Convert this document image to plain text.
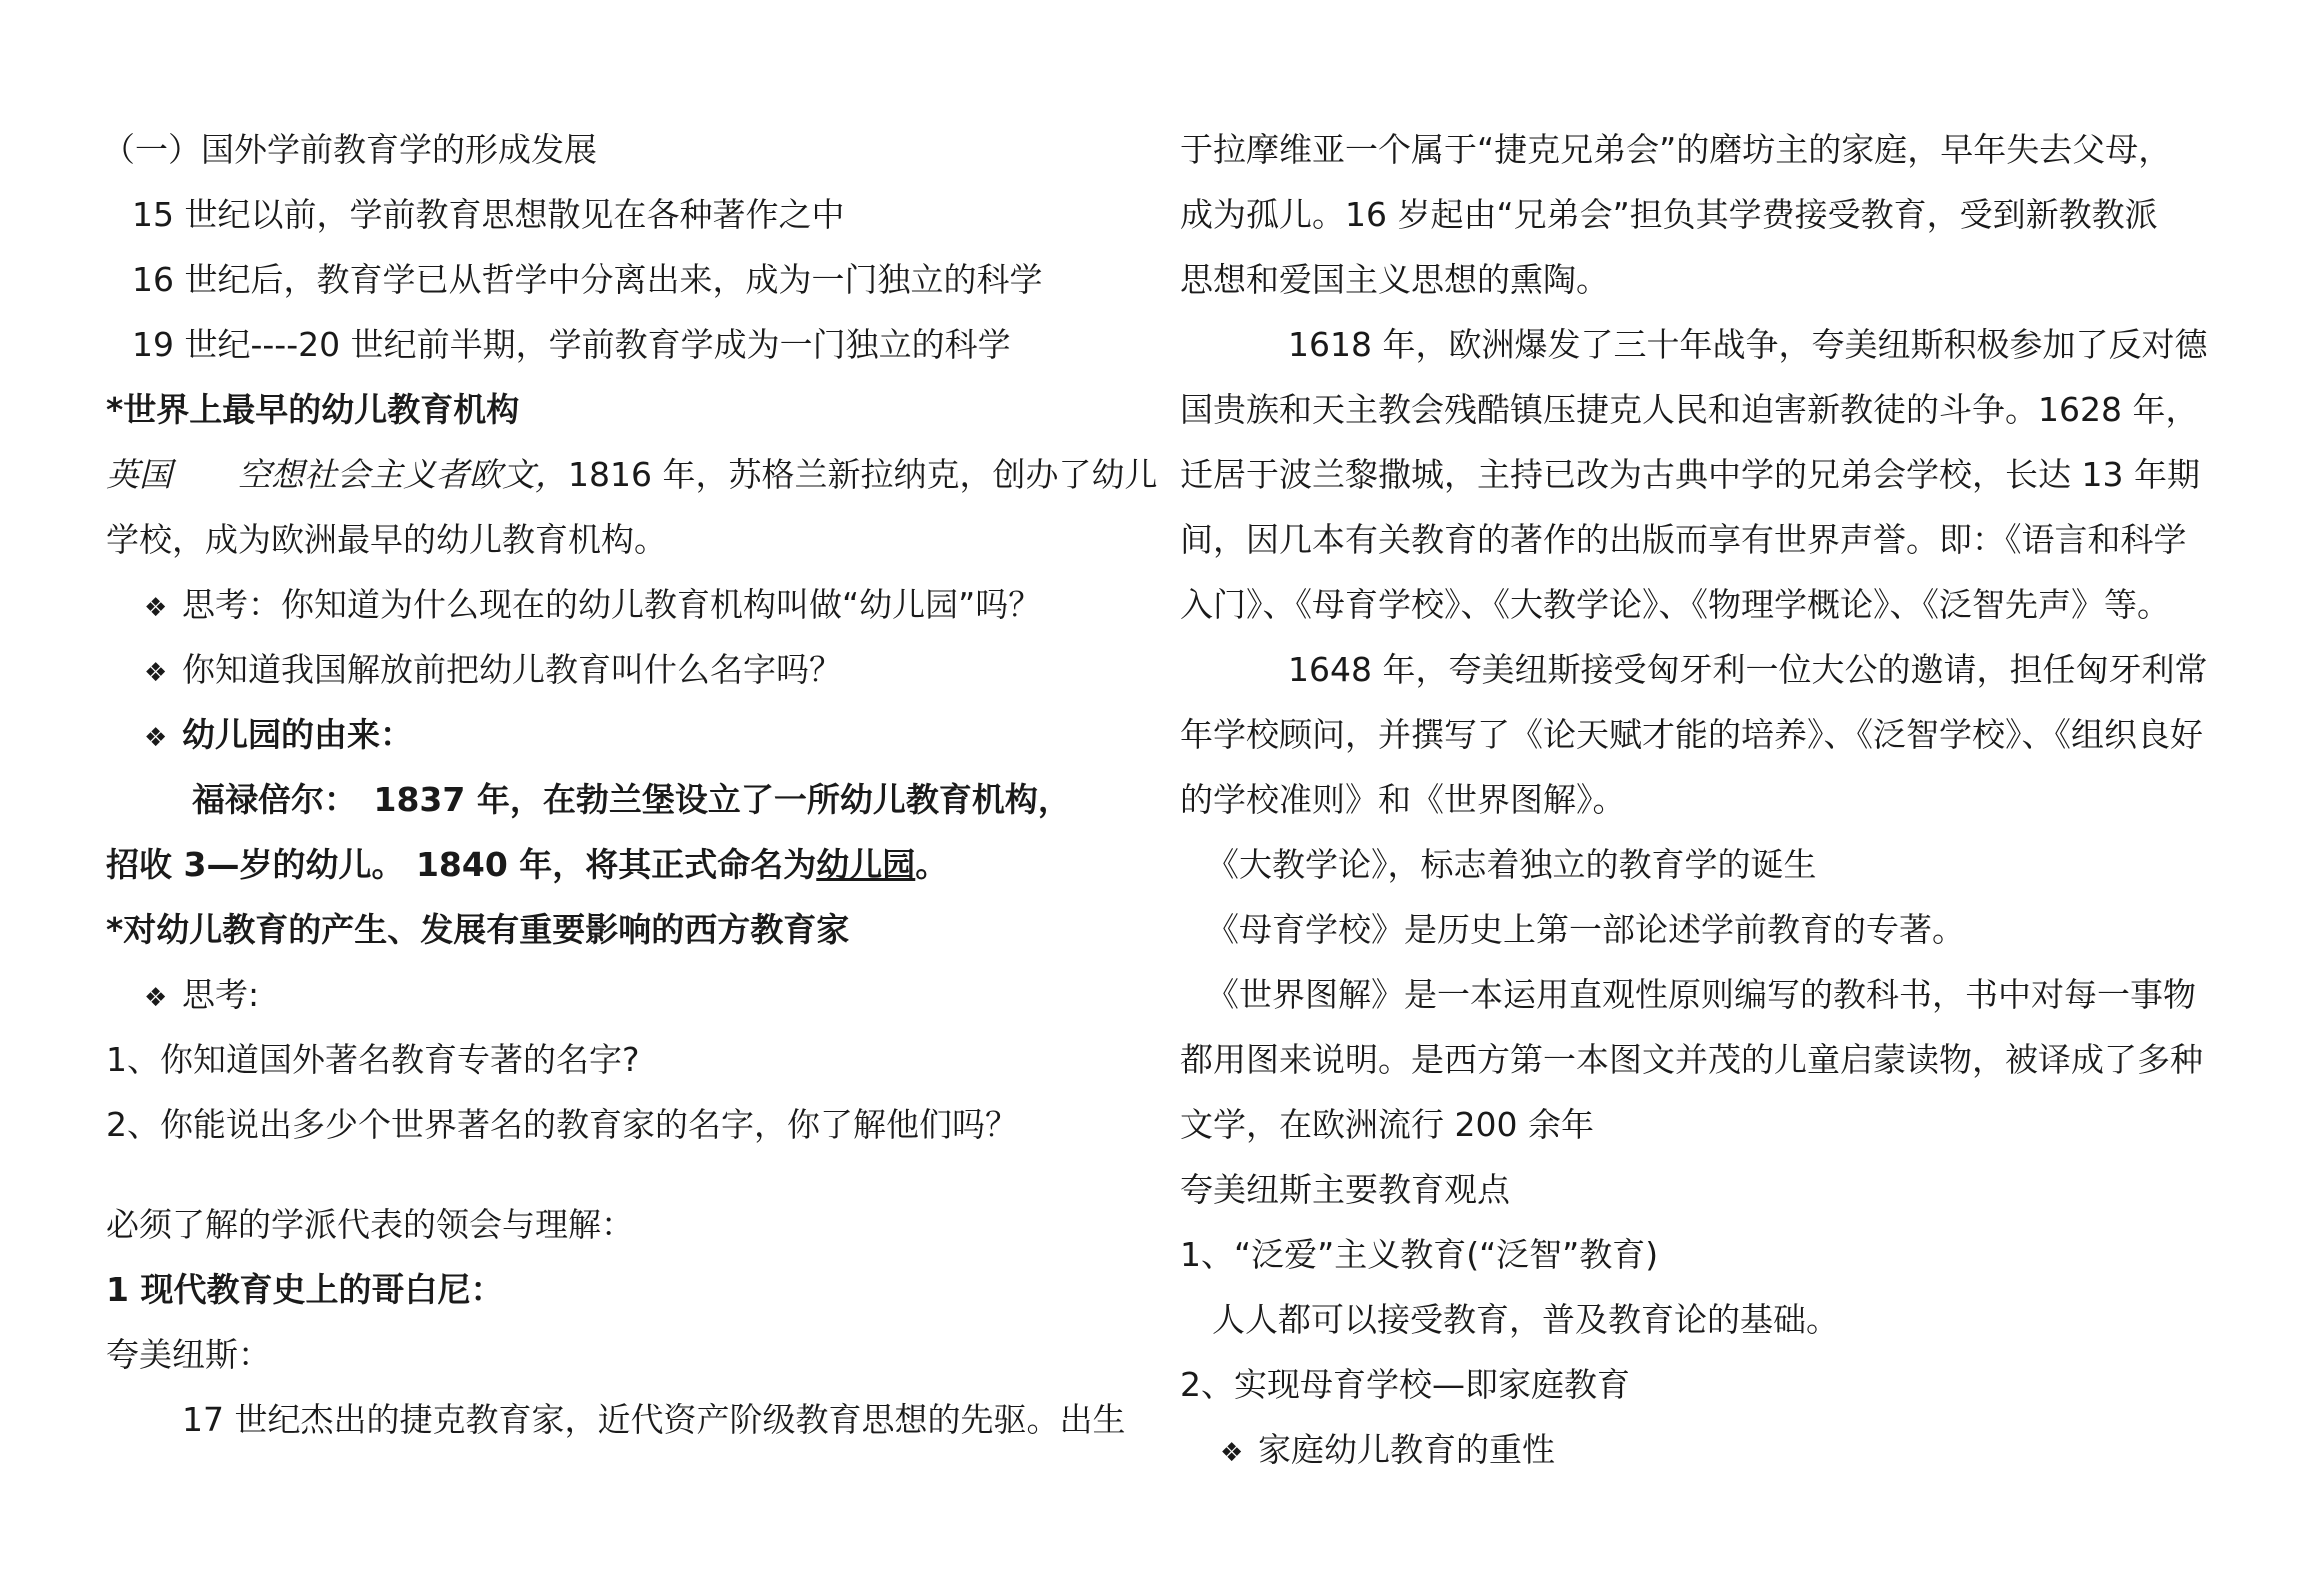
（一）国外学前教育学的形成发展
15 世纪以前，学前教育思想散见在各种著作之中
16 世纪后，教育学已从哲学中分离出来，成为一门独立的科学
19 世纪----20 世纪前半期，学前教育学成为一门独立的科学
*世界上最早的幼儿教育机构
英国　　空想社会主义者欧文，1816 年，苏格兰新拉纳克，创办了幼儿
学校，成为欧洲最早的幼儿教育机构。
❖ 思考：你知道为什么现在的幼儿教育机构叫做“幼儿园”吗？
❖ 你知道我国解放前把幼儿教育叫什么名字吗？
❖ 幼儿园的由来：
福禄倍尔：　1837 年，在勃兰堡设立了一所幼儿教育机构，
招收 3—岁的幼儿。 1840 年，将其正式命名为幼儿园。
*对幼儿教育的产生、发展有重要影响的西方教育家
❖ 思考:
1、你知道国外著名教育专著的名字?
2、你能说出多少个世界著名的教育家的名字，你了解他们吗？
必须了解的学派代表的领会与理解：
1 现代教育史上的哥白尼：
夸美纽斯：
17 世纪杰出的捷克教育家，近代资产阶级教育思想的先驱。出生
于拉摩维亚一个属于“捷克兄弟会”的磨坊主的家庭，早年失去父母，
成为孤儿。16 岁起由“兄弟会”担负其学费接受教育，受到新教教派
思想和爱国主义思想的熏陶。
1618 年，欧洲爆发了三十年战争，夸美纽斯积极参加了反对德
国贵族和天主教会残酷镇压捷克人民和迫害新教徒的斗争。1628 年，
迁居于波兰黎撒城，主持已改为古典中学的兄弟会学校，长达 13 年期
间，因几本有关教育的著作的出版而享有世界声誉。即：《语言和科学
入门》、《母育学校》、《大教学论》、《物理学概论》、《泛智先声》等。
1648 年，夸美纽斯接受匈牙利一位大公的邀请，担任匈牙利常
年学校顾问，并撰写了《论天赋才能的培养》、《泛智学校》、《组织良好
的学校准则》和《世界图解》。
《大教学论》，标志着独立的教育学的诞生
《母育学校》是历史上第一部论述学前教育的专著。
《世界图解》是一本运用直观性原则编写的教科书，书中对每一事物
都用图来说明。是西方第一本图文并茂的儿童启蒙读物，被译成了多种
文学，在欧洲流行 200 余年
夸美纽斯主要教育观点
1、“泛爱”主义教育(“泛智”教育)
人人都可以接受教育，普及教育论的基础。
2、实现母育学校—即家庭教育
❖ 家庭幼儿教育的重性
